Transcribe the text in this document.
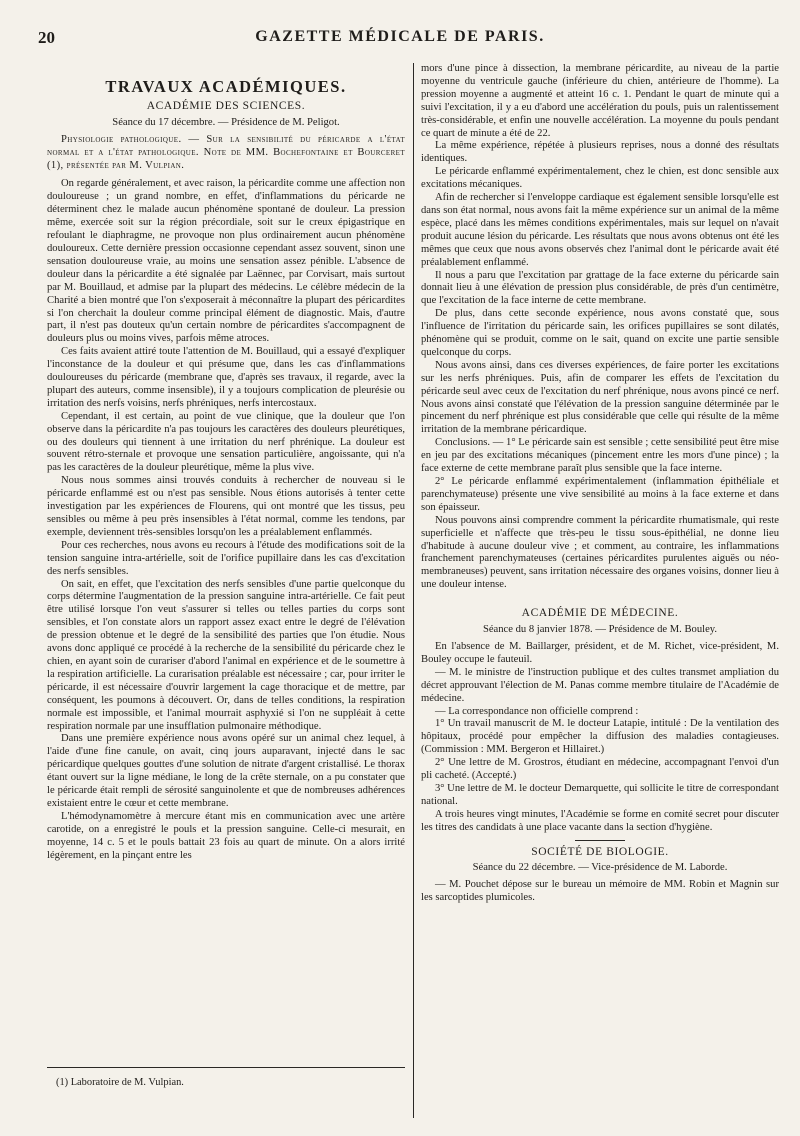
20	GAZETTE MÉDICALE DE PARIS.

TRAVAUX ACADÉMIQUES.

ACADÉMIE DES SCIENCES.

Séance du 17 décembre. — Présidence de M. Peligot.

Physiologie pathologique. — Sur la sensibilité du péricarde a l'état normal et a l'état pathologique. Note de MM. Bochefontaine et Bourceret (1), présentée par M. Vulpian.

On regarde généralement, et avec raison, la péricardite comme une affection non douloureuse ; un grand nombre, en effet, d'inflammations du péricarde ne déterminent chez le malade aucun phénomène spontané de douleur. La pression même, exercée soit sur la région précordiale, soit sur le creux épigastrique en refoulant le diaphragme, ne provoque non plus ordinairement aucun phénomène douloureux. Cette dernière pression occasionne cependant assez souvent, sinon une sensation douloureuse vraie, au moins une sensation assez pénible. L'absence de douleur dans la péricardite a été signalée par Laënnec, par Corvisart, mais surtout par M. Bouillaud, et admise par la plupart des médecins. Le célèbre médecin de la Charité a bien montré que l'on s'exposerait à méconnaître la plupart des péricardites si l'on cherchait la douleur comme principal élément de diagnostic. Mais, d'autre part, il n'est pas douteux qu'un certain nombre de péricardites s'accompagnent de douleurs plus ou moins vives, parfois même atroces.

Ces faits avaient attiré toute l'attention de M. Bouillaud, qui a essayé d'expliquer l'inconstance de la douleur et qui présume que, dans les cas d'inflammations douloureuses du péricarde (membrane que, d'après ses travaux, il regarde, avec la plupart des auteurs, comme insensible), il y a toujours complication de pleurésie ou irritation des nerfs voisins, nerfs phréniques, nerfs intercostaux.

Cependant, il est certain, au point de vue clinique, que la douleur que l'on observe dans la péricardite n'a pas toujours les caractères des douleurs pleurétiques, ou des douleurs qui tiennent à une irritation du nerf phrénique. La douleur est souvent rétro-sternale et provoque une sensation particulière, angoissante, qui n'a pas les caractères de la douleur pleurétique, même la plus vive.

Nous nous sommes ainsi trouvés conduits à rechercher de nouveau si le péricarde enflammé est ou n'est pas sensible. Nous étions autorisés à tenter cette investigation par les expériences de Flourens, qui ont montré que les tissus, peu sensibles ou même à peu près insensibles à l'état normal, comme les tendons, par exemple, deviennent très-sensibles lorsqu'on les a préalablement enflammés.

Pour ces recherches, nous avons eu recours à l'étude des modifications soit de la tension sanguine intra-artérielle, soit de l'orifice pupillaire dans les cas d'excitation des nerfs sensibles.

On sait, en effet, que l'excitation des nerfs sensibles d'une partie quelconque du corps détermine l'augmentation de la pression sanguine intra-artérielle. Ce fait peut être utilisé lorsque l'on veut s'assurer si telles ou telles parties du corps sont sensibles, et l'on constate alors un rapport assez exact entre le degré de l'élévation de pression obtenue et le degré de la sensibilité des parties que l'on étudie. Nous avons donc appliqué ce procédé à la recherche de la sensibilité du péricarde chez le chien, en ayant soin de curariser d'abord l'animal en expérience et de le soumettre à la respiration artificielle. La curarisation préalable est nécessaire ; car, pour irriter le péricarde, il est nécessaire d'ouvrir largement la cage thoracique et de mettre, par conséquent, les poumons à découvert. Or, dans de telles conditions, la respiration normale est impossible, et l'animal mourrait asphyxié si l'on ne suppléait à cette respiration normale par une insufflation pulmonaire méthodique.

Dans une première expérience nous avons opéré sur un animal chez lequel, à l'aide d'une fine canule, on avait, cinq jours auparavant, injecté dans le sac péricardique quelques gouttes d'une solution de nitrate d'argent cristallisé. Le thorax étant ouvert sur la ligne médiane, le long de la crête sternale, on a pu constater que le péricarde était rempli de sérosité sanguinolente et que de nombreuses adhérences existaient entre le cœur et cette membrane.

L'hémodynamomètre à mercure étant mis en communication avec une artère carotide, on a enregistré le pouls et la pression sanguine. Celle-ci mesurait, en moyenne, 14 c. 5 et le pouls battait 23 fois au quart de minute. On a alors irrité légèrement, en la pinçant entre les

(1) Laboratoire de M. Vulpian.

mors d'une pince à dissection, la membrane péricardite, au niveau de la partie moyenne du ventricule gauche (inférieure du chien, antérieure de l'homme). La pression moyenne a augmenté et atteint 16 c. 1. Pendant le quart de minute qui a suivi l'excitation, il y a eu d'abord une accélération du pouls, puis un ralentissement très-considérable, et enfin une nouvelle accélération. La moyenne du pouls pendant ce quart de minute a été de 22.

La même expérience, répétée à plusieurs reprises, nous a donné des résultats identiques.

Le péricarde enflammé expérimentalement, chez le chien, est donc sensible aux excitations mécaniques.

Afin de rechercher si l'enveloppe cardiaque est également sensible lorsqu'elle est dans son état normal, nous avons fait la même expérience sur un animal de la même espèce, placé dans les mêmes conditions expérimentales, mais sur lequel on n'avait produit aucune lésion du péricarde. Les résultats que nous avons obtenus ont été les mêmes que ceux que nous avons observés chez l'animal dont le péricarde avait été préalablement enflammé.

Il nous a paru que l'excitation par grattage de la face externe du péricarde sain donnait lieu à une élévation de pression plus considérable, de près d'un centimètre, que l'excitation de la face interne de cette membrane.

De plus, dans cette seconde expérience, nous avons constaté que, sous l'influence de l'irritation du péricarde sain, les orifices pupillaires se sont dilatés, phénomène qui se produit, comme on le sait, quand on excite une partie sensible quelconque du corps.

Nous avons ainsi, dans ces diverses expériences, de faire porter les excitations sur les nerfs phréniques. Puis, afin de comparer les effets de l'excitation du péricarde seul avec ceux de l'excitation du nerf phrénique, nous avons pincé ce nerf. Nous avons ainsi constaté que l'élévation de la pression sanguine déterminée par le pincement du nerf phrénique est plus considérable que celle qui résulte de la même irritation de la membrane péricardique.

Conclusions. — 1° Le péricarde sain est sensible ; cette sensibilité peut être mise en jeu par des excitations mécaniques (pincement entre les mors d'une pince) ; la face externe de cette membrane paraît plus sensible que la face interne.

2° Le péricarde enflammé expérimentalement (inflammation épithéliale et parenchymateuse) présente une vive sensibilité au moins à la face externe et dans son épaisseur.

Nous pouvons ainsi comprendre comment la péricardite rhumatismale, qui reste superficielle et n'affecte que très-peu le tissu sous-épithélial, ne donne lieu d'habitude à aucune douleur vive ; et comment, au contraire, les inflammations franchement parenchymateuses (certaines péricardites purulentes aiguës ou néo-membraneuses) peuvent, sans irritation nécessaire des organes voisins, donner lieu à une douleur intense.

ACADÉMIE DE MÉDECINE.

Séance du 8 janvier 1878. — Présidence de M. Bouley.

En l'absence de M. Baillarger, président, et de M. Richet, vice-président, M. Bouley occupe le fauteuil.

— M. le ministre de l'instruction publique et des cultes transmet ampliation du décret approuvant l'élection de M. Panas comme membre titulaire de l'Académie de médecine.

— La correspondance non officielle comprend :

1° Un travail manuscrit de M. le docteur Latapie, intitulé : De la ventilation des hôpitaux, procédé pour empêcher la diffusion des maladies contagieuses. (Commission : MM. Bergeron et Hillairet.)

2° Une lettre de M. Grostros, étudiant en médecine, accompagnant l'envoi d'un pli cacheté. (Accepté.)

3° Une lettre de M. le docteur Demarquette, qui sollicite le titre de correspondant national.

A trois heures vingt minutes, l'Académie se forme en comité secret pour discuter les titres des candidats à une place vacante dans la section d'hygiène.

SOCIÉTÉ DE BIOLOGIE.

Séance du 22 décembre. — Vice-présidence de M. Laborde.

— M. Pouchet dépose sur le bureau un mémoire de MM. Robin et Magnin sur les sarcoptides plumicoles.
